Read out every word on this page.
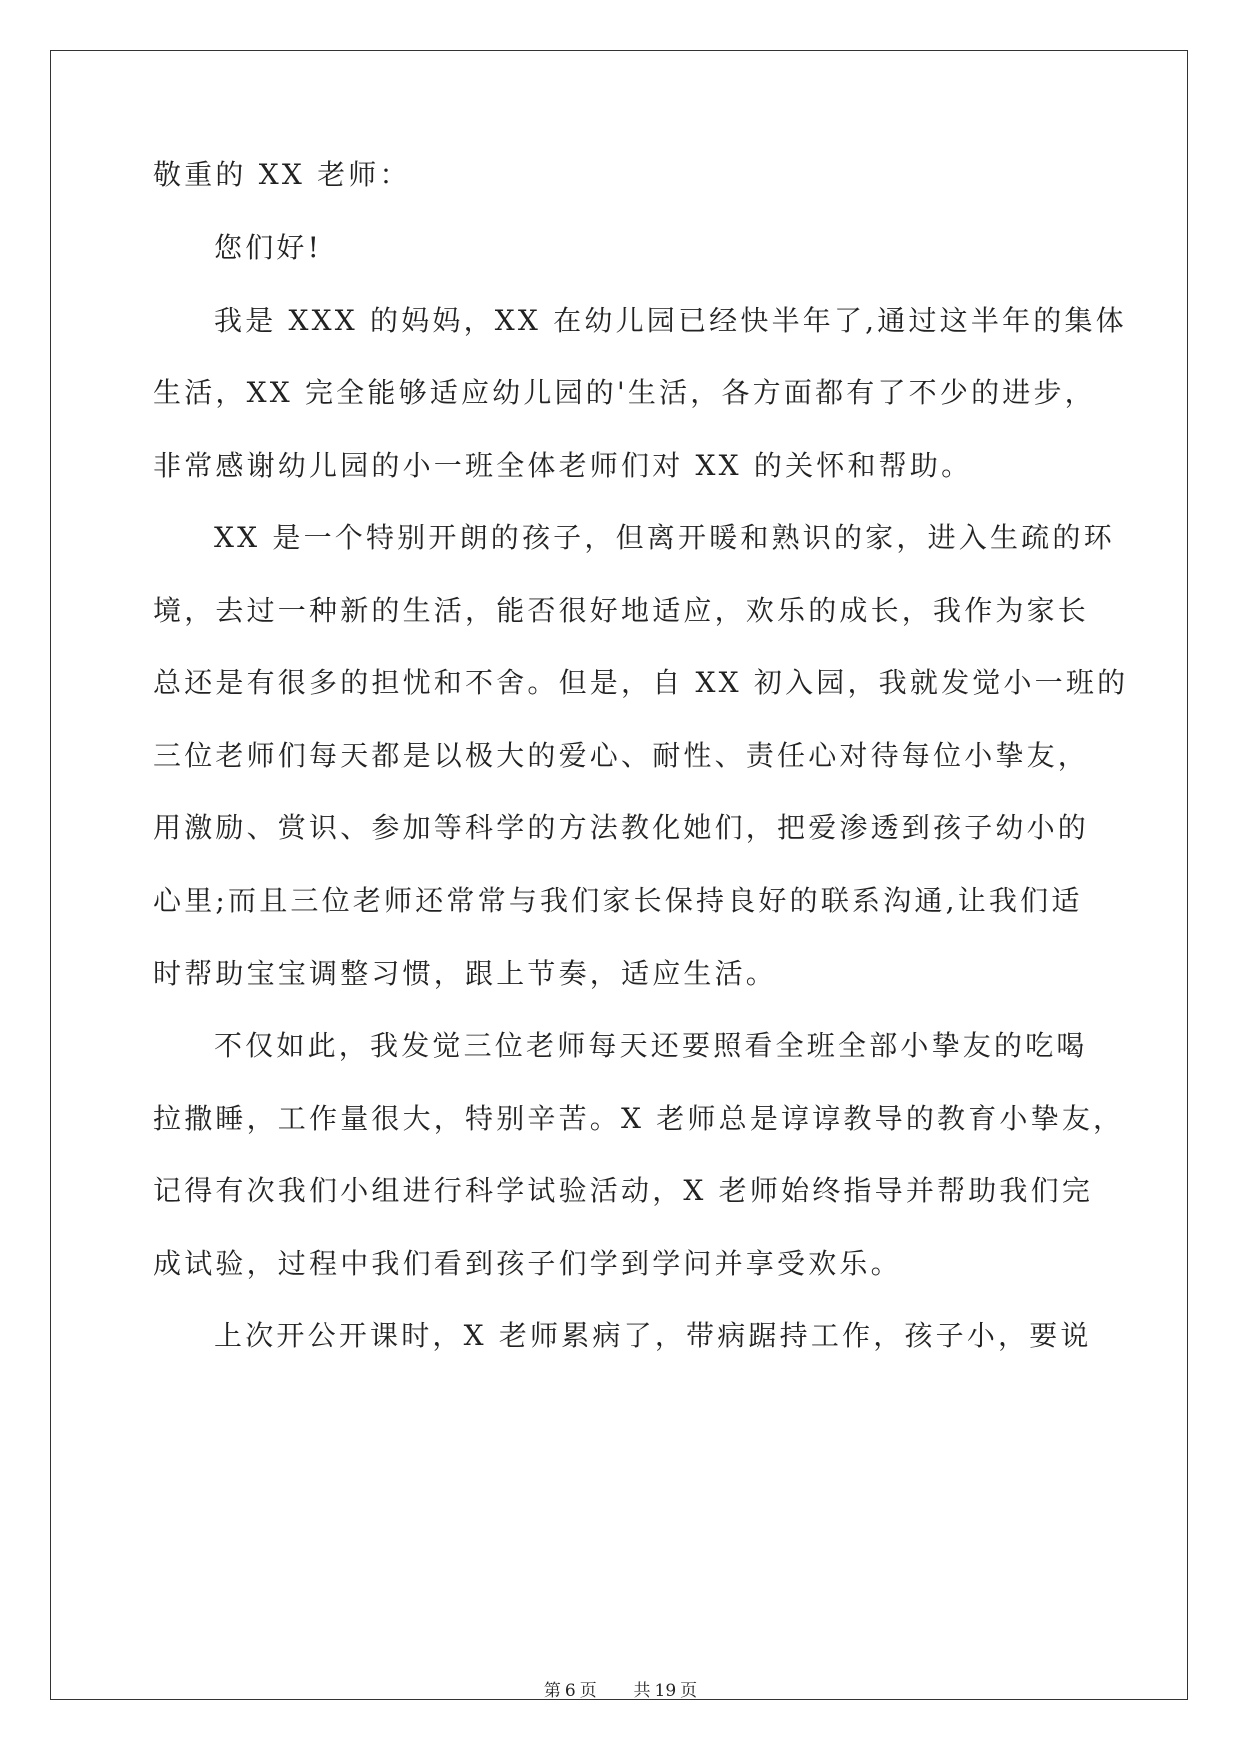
敬重的 XX 老师：

您们好!

我是 XXX 的妈妈，XX 在幼儿园已经快半年了,通过这半年的集体

生活，XX 完全能够适应幼儿园的'生活，各方面都有了不少的进步，

非常感谢幼儿园的小一班全体老师们对 XX 的关怀和帮助。

XX 是一个特别开朗的孩子，但离开暖和熟识的家，进入生疏的环

境，去过一种新的生活，能否很好地适应，欢乐的成长，我作为家长

总还是有很多的担忧和不舍。但是，自 XX 初入园，我就发觉小一班的

三位老师们每天都是以极大的爱心、耐性、责任心对待每位小挚友，

用激励、赏识、参加等科学的方法教化她们，把爱渗透到孩子幼小的

心里;而且三位老师还常常与我们家长保持良好的联系沟通,让我们适

时帮助宝宝调整习惯，跟上节奏，适应生活。

不仅如此，我发觉三位老师每天还要照看全班全部小挚友的吃喝

拉撒睡，工作量很大，特别辛苦。X 老师总是谆谆教导的教育小挚友，

记得有次我们小组进行科学试验活动，X 老师始终指导并帮助我们完

成试验，过程中我们看到孩子们学到学问并享受欢乐。

上次开公开课时，X 老师累病了，带病踞持工作，孩子小，要说

第 6 页 共 19 页
